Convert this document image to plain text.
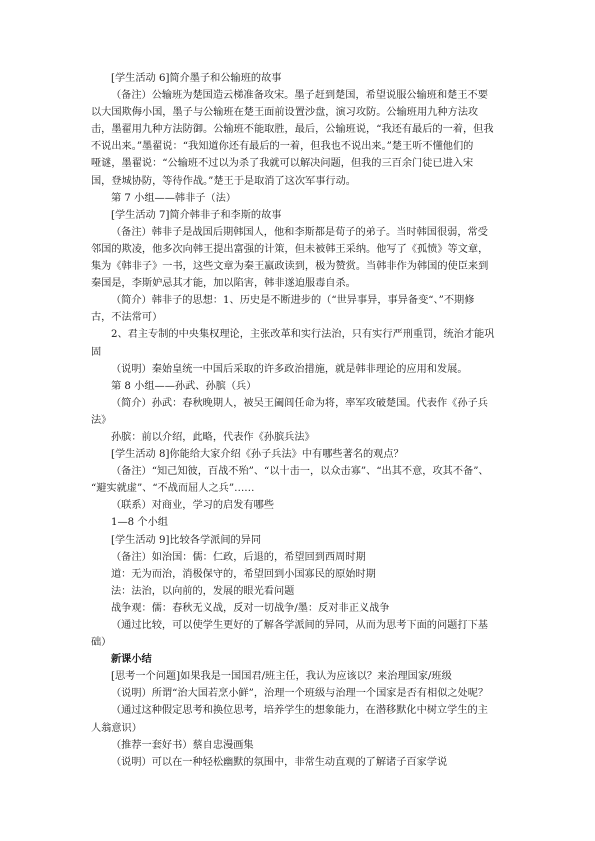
[学生活动 6]简介墨子和公输班的故事
（备注）公输班为楚国造云梯准备攻宋。墨子赶到楚国，希望说服公输班和楚王不要
以大国欺侮小国，墨子与公输班在楚王面前设置沙盘，演习攻防。公输班用九种方法攻
击，墨翟用九种方法防御。公输班不能取胜，最后，公输班说，“我还有最后的一着，但我
不说出来。”墨翟说：“我知道你还有最后的一着，但我也不说出来。”楚王听不懂他们的
哑谜，墨翟说：“公输班不过以为杀了我就可以解决问题，但我的三百余门徒已进入宋
国，登城协防，等待作战。”楚王于是取消了这次军事行动。
第 7 小组——韩非子（法）
[学生活动 7]简介韩非子和李斯的故事
（备注）韩非子是战国后期韩国人，他和李斯都是荀子的弟子。当时韩国很弱，常受
邻国的欺凌，他多次向韩王提出富强的计策，但未被韩王采纳。他写了《孤愤》等文章，
集为《韩非子》一书，这些文章为秦王嬴政读到，极为赞赏。当韩非作为韩国的使臣来到
秦国是，李斯妒忌其才能，加以陷害，韩非遂迫服毒自杀。
（简介）韩非子的思想：1、历史是不断进步的（“世异事异，事异备变“、”不期修
古，不法常可）
2、君主专制的中央集权理论，主张改革和实行法治，只有实行严刑重罚，统治才能巩
固
（说明）秦始皇统一中国后采取的许多政治措施，就是韩非理论的应用和发展。
第 8 小组——孙武、孙膑（兵）
（简介）孙武：春秋晚期人，被吴王阖闾任命为将，率军攻破楚国。代表作《孙子兵
法》
孙膑：前以介绍，此略，代表作《孙膑兵法》
[学生活动 8]你能给大家介绍《孙子兵法》中有哪些著名的观点？
（备注）“知己知彼，百战不殆”、“以十击一，以众击寡”、“出其不意，攻其不备”、
“避实就虚”、“不战而屈人之兵”……
（联系）对商业，学习的启发有哪些
1—8 个小组
[学生活动 9]比较各学派间的异同
（备注）如治国：儒：仁政，后退的，希望回到西周时期
道：无为而治，消极保守的，希望回到小国寡民的原始时期
法：法治，以向前的，发展的眼光看问题
战争观：儒：春秋无义战，反对一切战争/墨：反对非正义战争
（通过比较，可以使学生更好的了解各学派间的异同，从而为思考下面的问题打下基
础）
新课小结
[思考一个问题]如果我是一国国君/班主任，我认为应该以？来治理国家/班级
（说明）所谓“治大国若烹小鲜”，治理一个班级与治理一个国家是否有相似之处呢？
（通过这种假定思考和换位思考，培养学生的想象能力，在潜移默化中树立学生的主
人翁意识）
（推荐一套好书）蔡自忠漫画集
（说明）可以在一种轻松幽默的氛围中，非常生动直观的了解诸子百家学说
